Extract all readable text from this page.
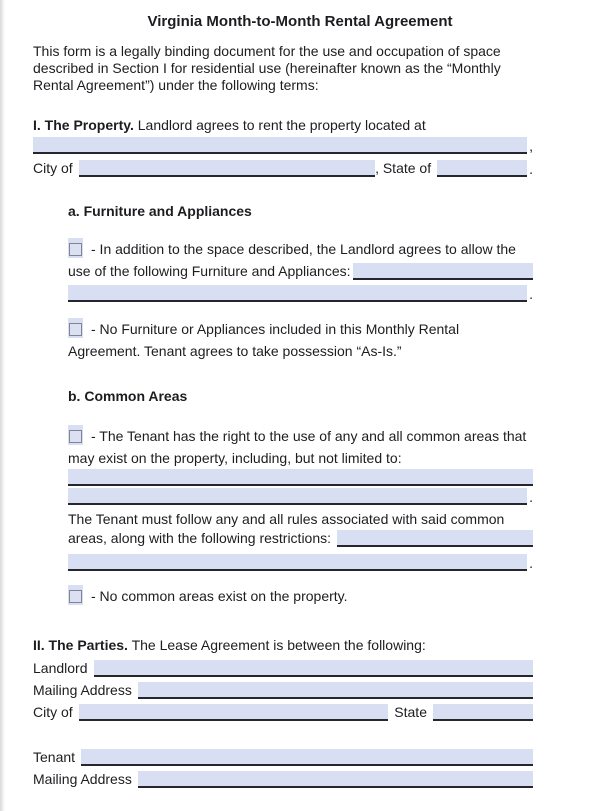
Virginia Month-to-Month Rental Agreement
This form is a legally binding document for the use and occupation of space
described in Section I for residential use (hereinafter known as the “Monthly
Rental Agreement”) under the following terms:
I. The Property. Landlord agrees to rent the property located at
,
City of	, State of	.
a. Furniture and Appliances
- In addition to the space described, the Landlord agrees to allow the
use of the following Furniture and Appliances:
.
- No Furniture or Appliances included in this Monthly Rental
Agreement. Tenant agrees to take possession “As-Is.”
b. Common Areas
- The Tenant has the right to the use of any and all common areas that
may exist on the property, including, but not limited to:
.
The Tenant must follow any and all rules associated with said common
areas, along with the following restrictions:
.
- No common areas exist on the property.
II. The Parties. The Lease Agreement is between the following:
Landlord
Mailing Address
City of	State
Tenant
Mailing Address
